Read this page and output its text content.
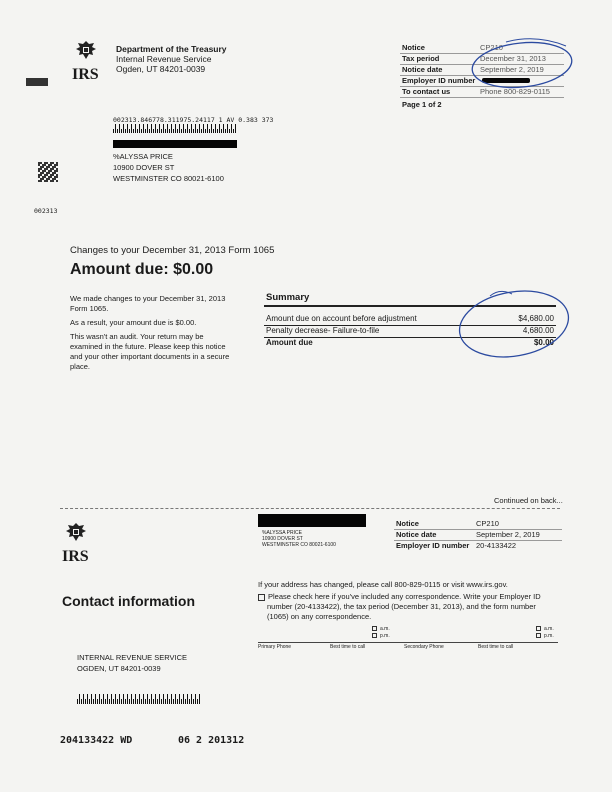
IRS
Department of the Treasury
Internal Revenue Service
Ogden, UT 84201-0039
Notice	CP210
Tax period	December 31, 2013
Notice date	September 2, 2019
Employer ID number
To contact us	Phone 800-829-0115
Page 1 of 2
002313.846778.311975.24117 1 AV 0.383 373
%ALYSSA PRICE
10900 DOVER ST
WESTMINSTER CO 80021-6100
002313
Changes to your December 31, 2013 Form 1065
Amount due: $0.00
We made changes to your December 31, 2013
Form 1065.
As a result, your amount due is $0.00.
This wasn't an audit. Your return may be
examined in the future. Please keep this notice
and your other important documents in a secure
place.
Summary
Amount due on account before adjustment	$4,680.00
Penalty decrease- Failure-to-file	4,680.00
Amount due	$0.00
Continued on back...
IRS
%ALYSSA PRICE
10900 DOVER ST
WESTMINSTER CO 80021-6100
Notice	CP210
Notice date	September 2, 2019
Employer ID number 20-4133422
Contact information
If your address has changed, please call 800-829-0115 or visit www.irs.gov.
Please check here if you've included any correspondence. Write your Employer ID
number (20-4133422), the tax period (December 31, 2013), and the form number
(1065) on any correspondence.
a.m.
p.m.
a.m.
p.m.
Primary Phone	Best time to call	Secondary Phone	Best time to call
INTERNAL REVENUE SERVICE
OGDEN, UT 84201-0039
204133422 WD	06 2 201312
